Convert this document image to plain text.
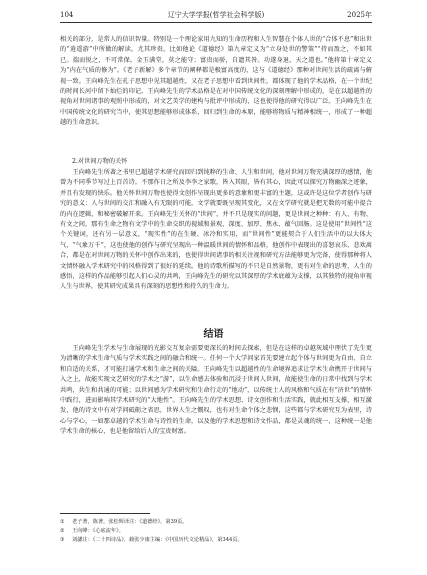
104	辽宁大学学报(哲学社会科学版)	2025年

相关的部分，是常人的信识智量。特别是一个理论家用九知的生命历程和人生智慧在个体人世的“合体不息”和出世的“逍遥游”中所做的解读，尤其珍贵。比如他论《道德经》第九章定义为“立身处世的警策”“持而盈之，不如其已。揣而锐之，不可常保。金玉满堂，莫之能守；富贵而骄，自遗其咎。功遂身退，天之道也。”他将第十章定义为“内在气质的修为”。《老子新解》多个章节的阐释都是极富高度的，这与《道德经》那种对世间生活的疏离与俯视一致。王向峰先生在孔子思想中见其超越性，又在老子思想中看到世间性，都体现了他的学术品格，在一个世纪的时间长河中留下灿烂的印记。王向峰先生的学术品格是在对中国传统文化的深刻理解中形成的，是在以超越性的视角对世间诸事的观照中形成的，对文艺美学的建构与批评中形成的，这也使得他的研究得以广泛。王向峰先生在中国传统文化的研究当中，使其思想能够形成体系，回归到生命的本原，能够将物质与精神相统一，形成了一种超越的生命意识。

2.对世间万物的关怀

王向峰先生所著之书里已超越学术研究而回归到纯粹的生命、人生和世间，他对世间万物充满深厚的感情，他曾为不同季节写过上百首诗。不那作日之所及李李之家歌，皆入其眼，皆有其心，因此可以探究万物幽深之迹象，并且有发现的快乐。他关怀世间万物也使得文创作呈现出更多的意象和更丰富的主题，这或许是这位学者创作与研究的意义：人与世间的交汇和融入有无限的可能，文学就要既呈现其变化，又在文学研究就是把无数的可能中提合的内在逻辑，和秘密破解开来。王向峰先生关怀的“世间”，并不只是现实的问题，更是世间之种种：有人、有物、有文之间，那有生命之物有文学中的生命交织的视域和景观、深度、加厚、焦永、蕴气回肠。这是使用“世间性”这个关键词，还有另一层意义，“现实性”的在生硬、冰冷和实用，而“世间性”更能契合于人们生活中的以大体大气，“气象万千”，这也使他的创作与研究呈现出一种温暖世间的情怀和品格，他创作中表现出的喜怒哀乐、悲欢离合，都是在对世间万物的关怀中创作出来的，也使得世间诸事的相关注视和研究方法能够更为完备，使得那种将人文情怀融入学术研究中的风格得到了很好的延续。他的诗歌所描写的不只是自然景物，更有对生命的思考，人生的感悟，这样的作品能够引起人们心灵的共鸣，王向峰先生的研究以其深厚的学术底蕴为支撑，以其独特的视角审视人生与世界，使其研究成果具有深刻的思想性和持久的生命力。

结语

王向峰先生学术与生命展现的光影交互复杂需要更深长的时间去探索，但是在这样的卓越灰域中理伏了先生更为清晰的学术生命气质与学术实践之间的融合和统一。任何一个大学问家首先要建立起个体与世间更为自由、自立和自适的关系，才可能打通学术和生命之间的关隘。王向峰先生以超越性的生命境界追求让学术生命携开于世间与入之上，故能实现文艺研究的学术之“游”，以生命感去体验和沉浸于世间人世间，故能使生命的日常中找到与学术共鸣，共生和共通的可能；以世间感为学术研究和生命行走的“地动”，以传统士人的风格和气质在有“济世”的情怀中践行，进而影响其学术研究的“大地性”。王向峰先生的学术思想、诗文创作和生活实践，就此相互支撑，相互激发，他的诗文中有对学问砥砺之省思，世界人生之慨叹，也有对生命个体之悲悯，这些都与学术研究互为表里，诗心与学心，一如那卓越的学术生命与诗性的生命，以及他的学术思想和诗文作品，都是灵魂的统一，这种统一是他学术生命的核心，也是他留给后人的宝贵财富。

①	老子著，陈著，张松辉译注：《道德经》，第39页。
②	王向峰：《心底流年》。
③	刘勰注：《二十四诗品》，载张少康主编：《中国历代文论精品》，第344页。
